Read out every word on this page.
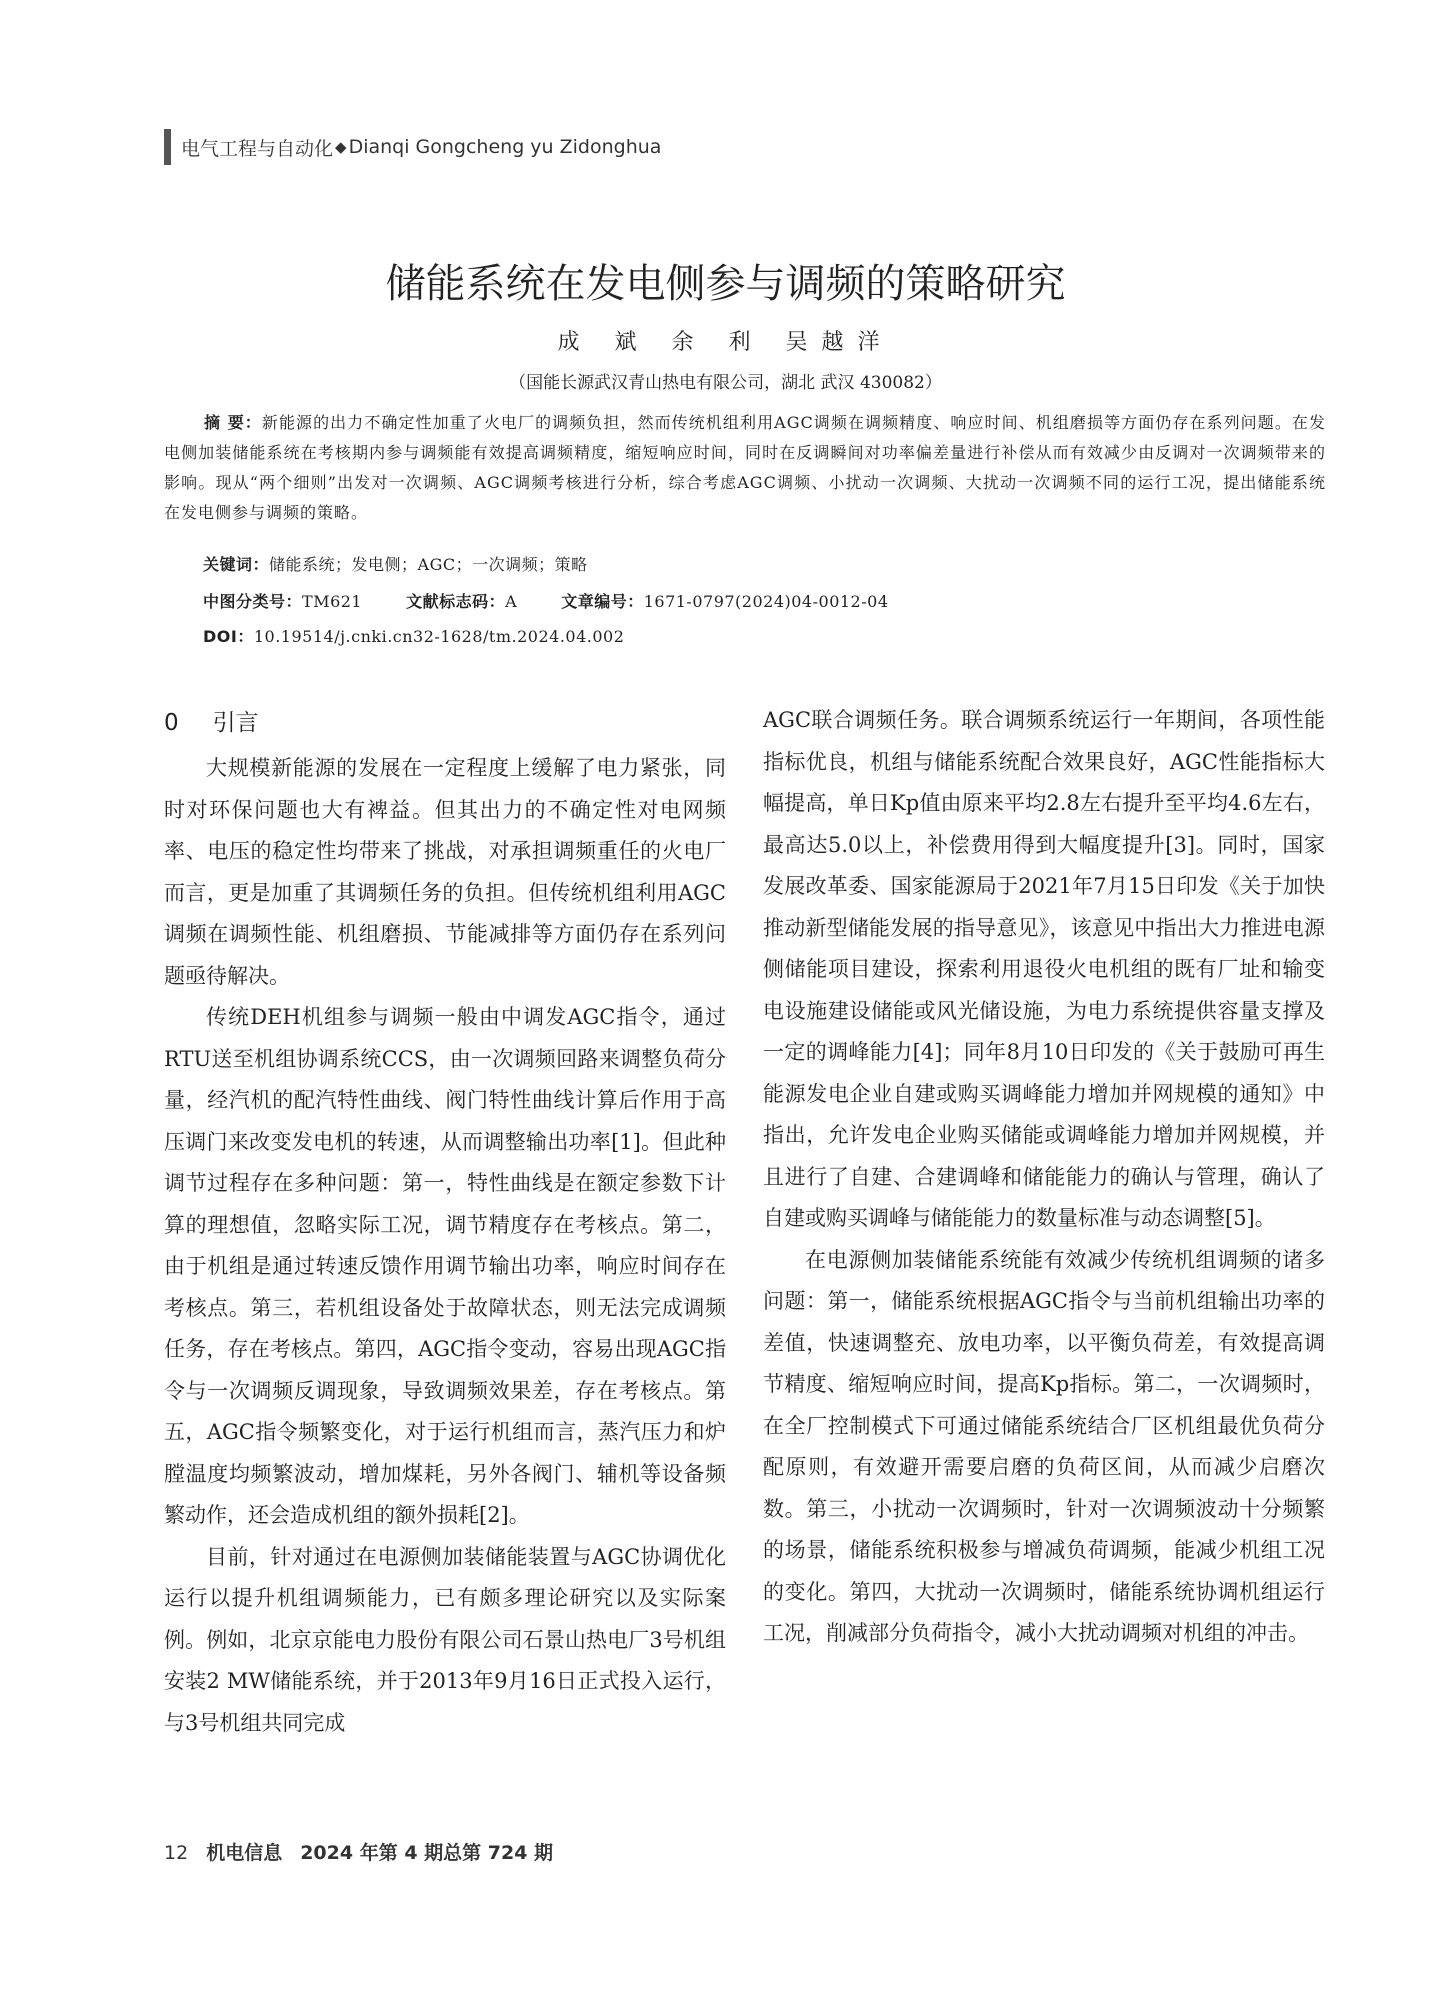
电气工程与自动化 ◆ Dianqi Gongcheng yu Zidonghua
储能系统在发电侧参与调频的策略研究
成 斌 余 利 吴越洋
（国能长源武汉青山热电有限公司，湖北 武汉 430082）
摘 要：新能源的出力不确定性加重了火电厂的调频负担，然而传统机组利用AGC调频在调频精度、响应时间、机组磨损等方面仍存在系列问题。在发电侧加装储能系统在考核期内参与调频能有效提高调频精度，缩短响应时间，同时在反调瞬间对功率偏差量进行补偿从而有效减少由反调对一次调频带来的影响。现从“两个细则”出发对一次调频、AGC调频考核进行分析，综合考虑AGC调频、小扰动一次调频、大扰动一次调频不同的运行工况，提出储能系统在发电侧参与调频的策略。
关键词：储能系统；发电侧；AGC；一次调频；策略
中图分类号：TM621	文献标志码：A	文章编号：1671-0797(2024)04-0012-04
DOI：10.19514/j.cnki.cn32-1628/tm.2024.04.002
0 引言

大规模新能源的发展在一定程度上缓解了电力紧张，同时对环保问题也大有裨益。但其出力的不确定性对电网频率、电压的稳定性均带来了挑战，对承担调频重任的火电厂而言，更是加重了其调频任务的负担。但传统机组利用AGC调频在调频性能、机组磨损、节能减排等方面仍存在系列问题亟待解决。

传统DEH机组参与调频一般由中调发AGC指令，通过RTU送至机组协调系统CCS，由一次调频回路来调整负荷分量，经汽机的配汽特性曲线、阀门特性曲线计算后作用于高压调门来改变发电机的转速，从而调整输出功率[1]。但此种调节过程存在多种问题：第一，特性曲线是在额定参数下计算的理想值，忽略实际工况，调节精度存在考核点。第二，由于机组是通过转速反馈作用调节输出功率，响应时间存在考核点。第三，若机组设备处于故障状态，则无法完成调频任务，存在考核点。第四，AGC指令变动，容易出现AGC指令与一次调频反调现象，导致调频效果差，存在考核点。第五，AGC指令频繁变化，对于运行机组而言，蒸汽压力和炉膛温度均频繁波动，增加煤耗，另外各阀门、辅机等设备频繁动作，还会造成机组的额外损耗[2]。

目前，针对通过在电源侧加装储能装置与AGC协调优化运行以提升机组调频能力，已有颇多理论研究以及实际案例。例如，北京京能电力股份有限公司石景山热电厂3号机组安装2 MW储能系统，并于2013年9月16日正式投入运行，与3号机组共同完成

AGC联合调频任务。联合调频系统运行一年期间，各项性能指标优良，机组与储能系统配合效果良好，AGC性能指标大幅提高，单日Kp值由原来平均2.8左右提升至平均4.6左右，最高达5.0以上，补偿费用得到大幅度提升[3]。同时，国家发展改革委、国家能源局于2021年7月15日印发《关于加快推动新型储能发展的指导意见》，该意见中指出大力推进电源侧储能项目建设，探索利用退役火电机组的既有厂址和输变电设施建设储能或风光储设施，为电力系统提供容量支撑及一定的调峰能力[4]；同年8月10日印发的《关于鼓励可再生能源发电企业自建或购买调峰能力增加并网规模的通知》中指出，允许发电企业购买储能或调峰能力增加并网规模，并且进行了自建、合建调峰和储能能力的确认与管理，确认了自建或购买调峰与储能能力的数量标准与动态调整[5]。

在电源侧加装储能系统能有效减少传统机组调频的诸多问题：第一，储能系统根据AGC指令与当前机组输出功率的差值，快速调整充、放电功率，以平衡负荷差，有效提高调节精度、缩短响应时间，提高Kp指标。第二，一次调频时，在全厂控制模式下可通过储能系统结合厂区机组最优负荷分配原则，有效避开需要启磨的负荷区间，从而减少启磨次数。第三，小扰动一次调频时，针对一次调频波动十分频繁的场景，储能系统积极参与增减负荷调频，能减少机组工况的变化。第四，大扰动一次调频时，储能系统协调机组运行工况，削减部分负荷指令，减小大扰动调频对机组的冲击。

12 机电信息 2024 年第 4 期总第 724 期
